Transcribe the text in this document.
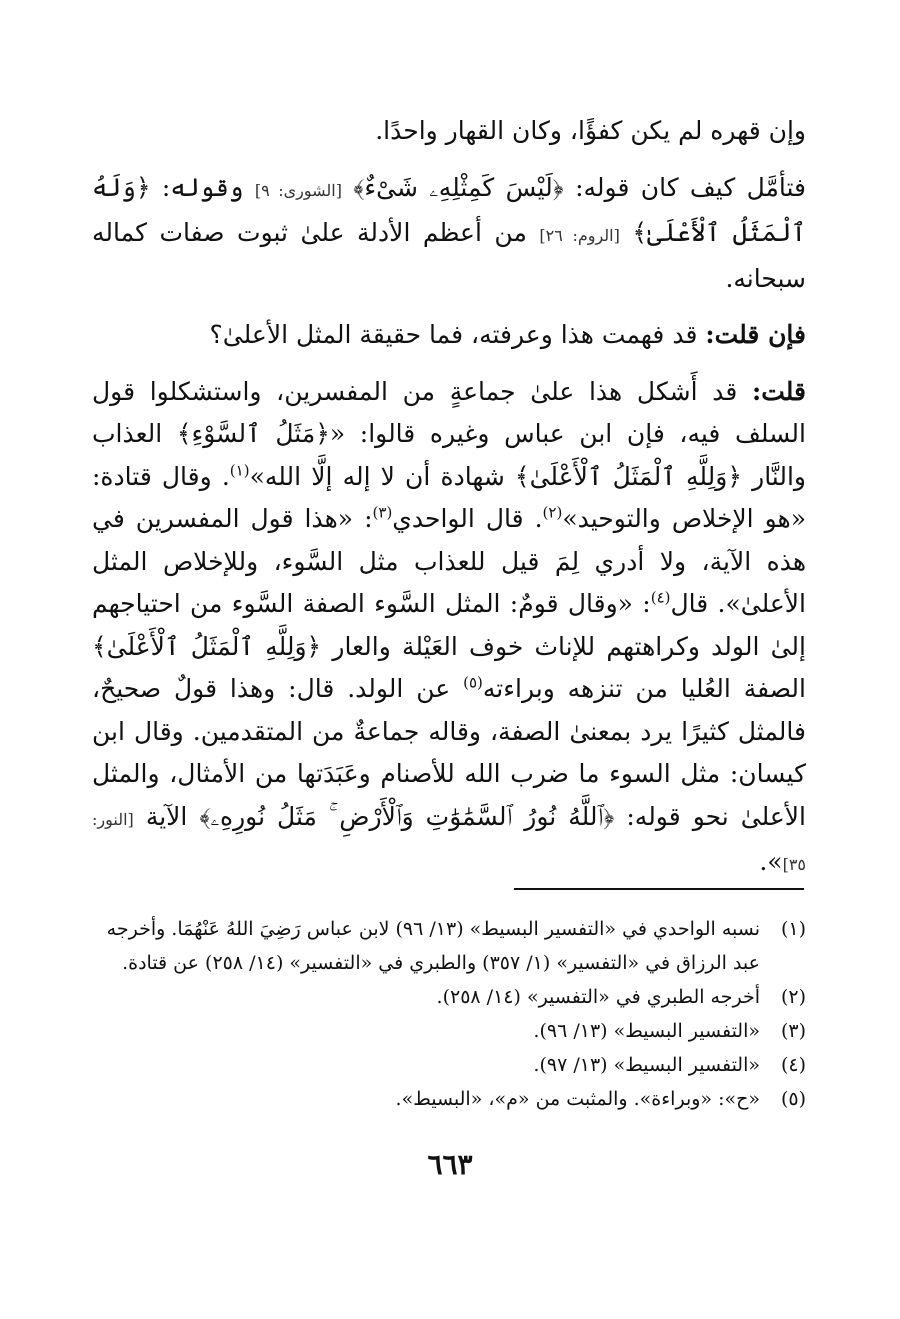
وإن قهره لم يكن كفؤًا، وكان القهار واحدًا.

فتأمَّل كيف كان قوله: ﴿لَيْسَ كَمِثْلِهِۦ شَىْءٌ﴾ [الشورى: ٩] وقوله: ﴿وَلَهُ ٱلْمَثَلُ ٱلْأَعْلَىٰ﴾ [الروم: ٢٦] من أعظم الأدلة علىٰ ثبوت صفات كماله سبحانه.

فإن قلت: قد فهمت هذا وعرفته، فما حقيقة المثل الأعلىٰ؟

قلت: قد أَشكل هذا علىٰ جماعةٍ من المفسرين، واستشكلوا قول السلف فيه، فإن ابن عباس وغيره قالوا: «﴿مَثَلُ ٱلسَّوْءِ﴾ العذاب والنَّار ﴿وَلِلَّهِ ٱلْمَثَلُ ٱلْأَعْلَىٰ﴾ شهادة أن لا إله إلَّا الله»$^{(١)}$. وقال قتادة: «هو الإخلاص والتوحيد»$^{(٢)}$. قال الواحدي$^{(٣)}$: «هذا قول المفسرين في هذه الآية، ولا أدري لِمَ قيل للعذاب مثل السَّوء، وللإخلاص المثل الأعلىٰ». قال$^{(٤)}$: «وقال قومٌ: المثل السَّوء الصفة السَّوء من احتياجهم إلىٰ الولد وكراهتهم للإناث خوف العَيْلة والعار ﴿وَلِلَّهِ ٱلْمَثَلُ ٱلْأَعْلَىٰ﴾ الصفة العُليا من تنزهه وبراءته$^{(٥)}$ عن الولد. قال: وهذا قولٌ صحيحٌ، فالمثل كثيرًا يرد بمعنىٰ الصفة، وقاله جماعةٌ من المتقدمين. وقال ابن كيسان: مثل السوء ما ضرب الله للأصنام وعَبَدَتها من الأمثال، والمثل الأعلىٰ نحو قوله: ﴿ٱللَّهُ نُورُ ٱلسَّمَٰوَٰتِ وَٱلْأَرْضِ ۚ مَثَلُ نُورِهِۦ﴾ الآية [النور: ٣٥]».

(١)
نسبه الواحدي في «التفسير البسيط» (١٣/ ٩٦) لابن عباس رَضِيَ اللهُ عَنْهُمَا. وأخرجه عبد الرزاق في «التفسير» (١/ ٣٥٧) والطبري في «التفسير» (١٤/ ٢٥٨) عن قتادة.
(٢)
أخرجه الطبري في «التفسير» (١٤/ ٢٥٨).
(٣)
«التفسير البسيط» (١٣/ ٩٦).
(٤)
«التفسير البسيط» (١٣/ ٩٧).
(٥)
«ح»: «وبراءة». والمثبت من «م»، «البسيط».
٦٦٣
